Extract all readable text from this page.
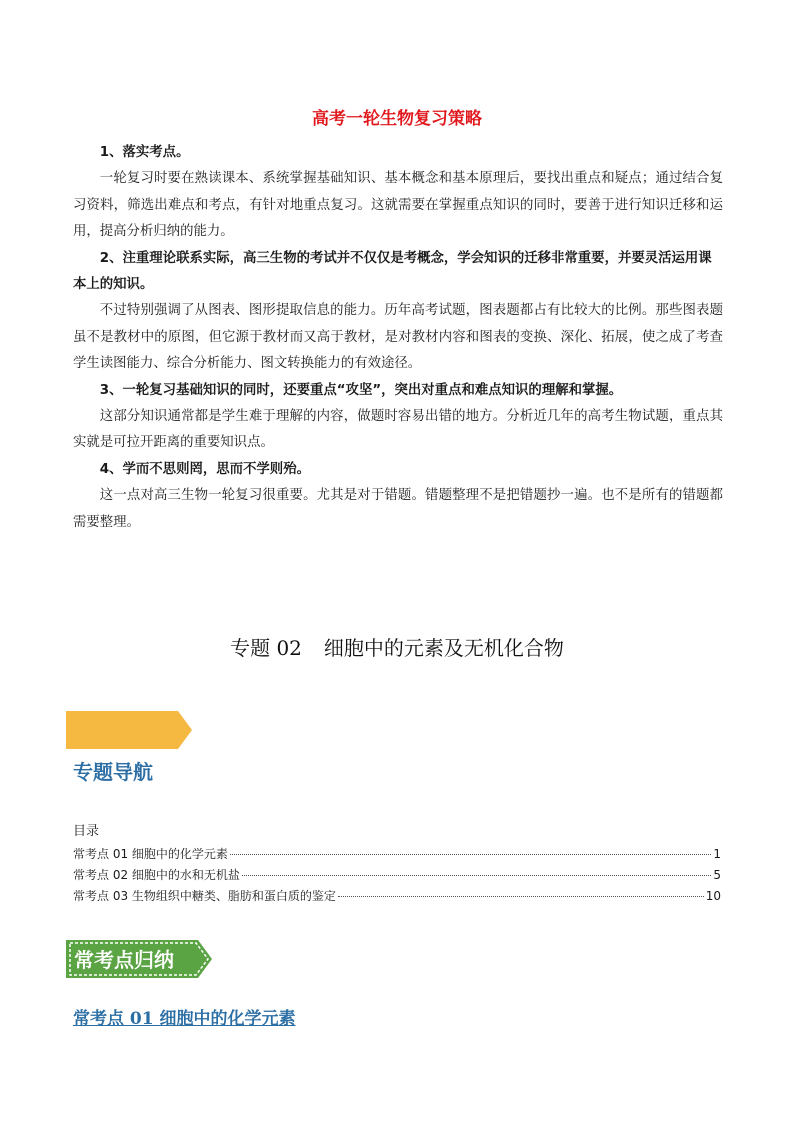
高考一轮生物复习策略

1、落实考点。

一轮复习时要在熟读课本、系统掌握基础知识、基本概念和基本原理后，要找出重点和疑点；通过结合复习资料，筛选出难点和考点，有针对地重点复习。这就需要在掌握重点知识的同时，要善于进行知识迁移和运用，提高分析归纳的能力。

2、注重理论联系实际，高三生物的考试并不仅仅是考概念，学会知识的迁移非常重要，并要灵活运用课本上的知识。

不过特别强调了从图表、图形提取信息的能力。历年高考试题，图表题都占有比较大的比例。那些图表题虽不是教材中的原图，但它源于教材而又高于教材，是对教材内容和图表的变换、深化、拓展，使之成了考查学生读图能力、综合分析能力、图文转换能力的有效途径。

3、一轮复习基础知识的同时，还要重点“攻坚”，突出对重点和难点知识的理解和掌握。

这部分知识通常都是学生难于理解的内容，做题时容易出错的地方。分析近几年的高考生物试题，重点其实就是可拉开距离的重要知识点。

4、学而不思则罔，思而不学则殆。

这一点对高三生物一轮复习很重要。尤其是对于错题。错题整理不是把错题抄一遍。也不是所有的错题都需要整理。

专题 02 细胞中的元素及无机化合物
专题导航
目录
常考点 01 细胞中的化学元素	1
常考点 02 细胞中的水和无机盐	5
常考点 03 生物组织中糖类、脂肪和蛋白质的鉴定	10
常考点归纳
常考点 01 细胞中的化学元素
